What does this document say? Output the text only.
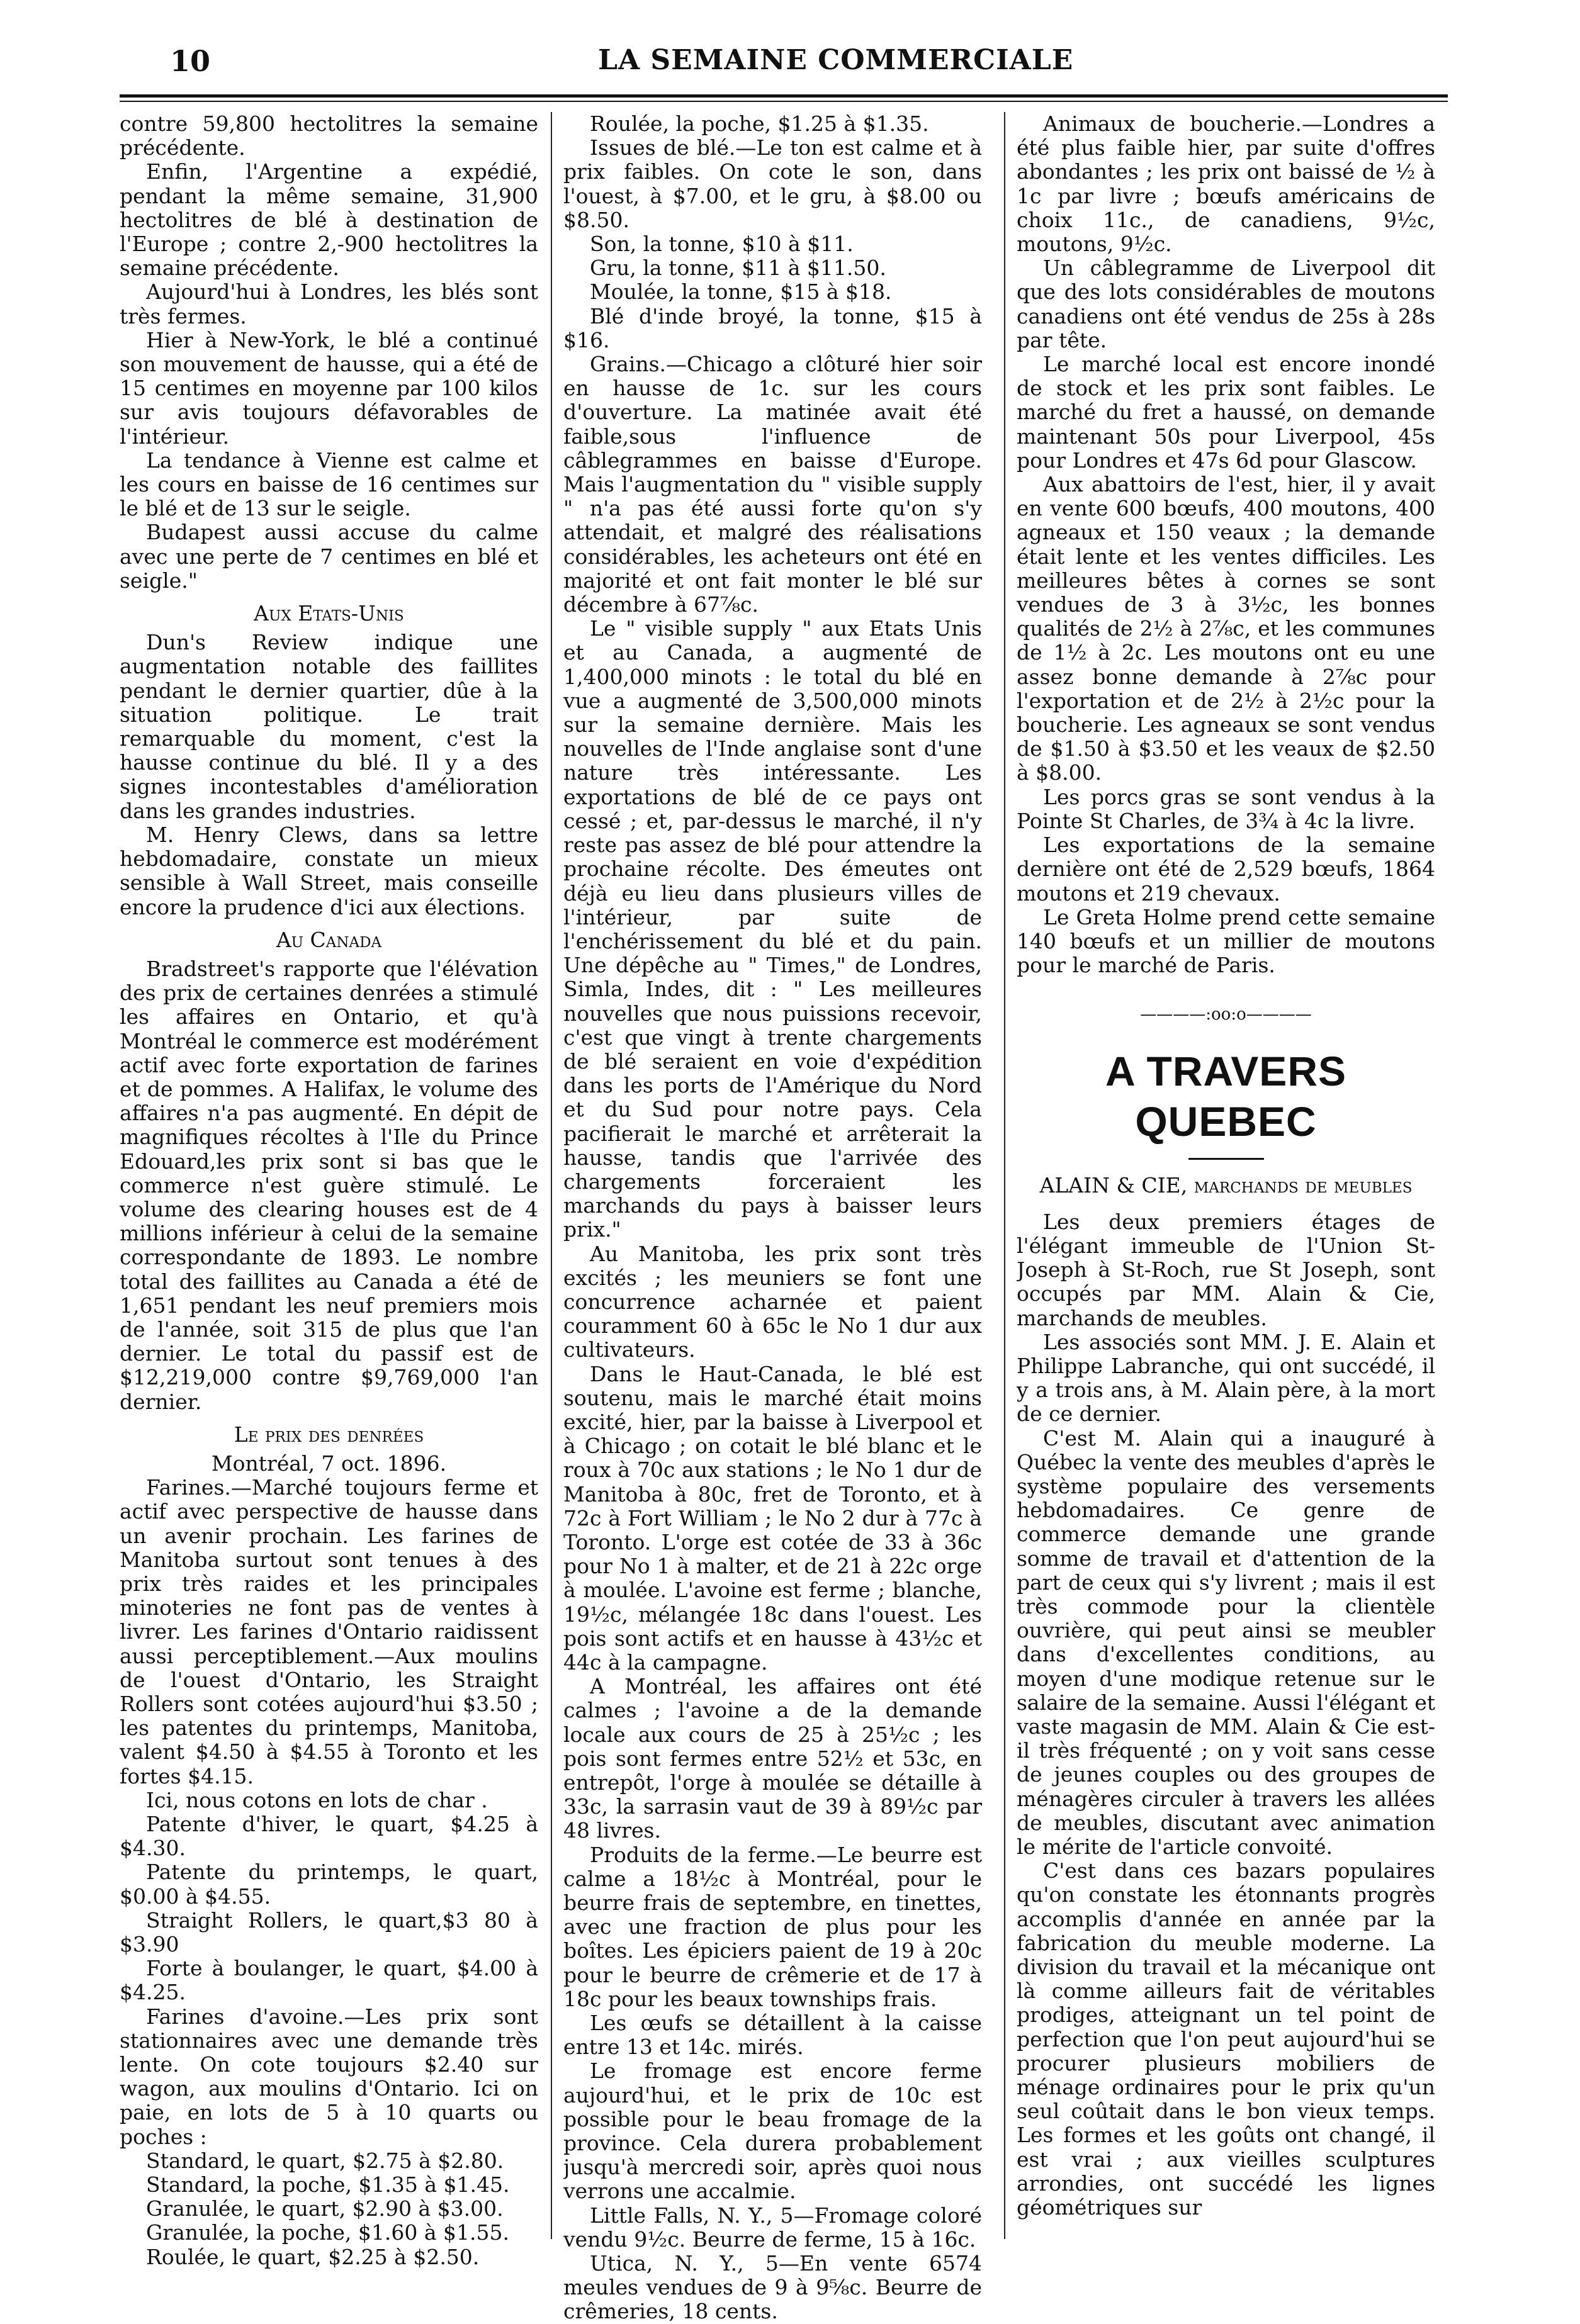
10	LA SEMAINE COMMERCIALE

contre 59,800 hectolitres la semaine précédente.

Enfin, l'Argentine a expédié, pendant la même semaine, 31,900 hectolitres de blé à destination de l'Europe ; contre 2,-900 hectolitres la semaine précédente.

Aujourd'hui à Londres, les blés sont très fermes.

Hier à New-York, le blé a continué son mouvement de hausse, qui a été de 15 centimes en moyenne par 100 kilos sur avis toujours défavorables de l'intérieur.

La tendance à Vienne est calme et les cours en baisse de 16 centimes sur le blé et de 13 sur le seigle.

Budapest aussi accuse du calme avec une perte de 7 centimes en blé et seigle."

Aux Etats-Unis

Dun's Review indique une augmentation notable des faillites pendant le dernier quartier, dûe à la situation politique. Le trait remarquable du moment, c'est la hausse continue du blé. Il y a des signes incontestables d'amélioration dans les grandes industries.

M. Henry Clews, dans sa lettre hebdomadaire, constate un mieux sensible à Wall Street, mais conseille encore la prudence d'ici aux élections.

Au Canada

Bradstreet's rapporte que l'élévation des prix de certaines denrées a stimulé les affaires en Ontario, et qu'à Montréal le commerce est modérément actif avec forte exportation de farines et de pommes. A Halifax, le volume des affaires n'a pas augmenté. En dépit de magnifiques récoltes à l'Ile du Prince Edouard,les prix sont si bas que le commerce n'est guère stimulé. Le volume des clearing houses est de 4 millions inférieur à celui de la semaine correspondante de 1893. Le nombre total des faillites au Canada a été de 1,651 pendant les neuf premiers mois de l'année, soit 315 de plus que l'an dernier. Le total du passif est de $12,219,000 contre $9,769,000 l'an dernier.

Le prix des denrées

Montréal, 7 oct. 1896.

Farines.—Marché toujours ferme et actif avec perspective de hausse dans un avenir prochain. Les farines de Manitoba surtout sont tenues à des prix très raides et les principales minoteries ne font pas de ventes à livrer. Les farines d'Ontario raidissent aussi perceptiblement.—Aux moulins de l'ouest d'Ontario, les Straight Rollers sont cotées aujourd'hui $3.50 ; les patentes du printemps, Manitoba, valent $4.50 à $4.55 à Toronto et les fortes $4.15.

Ici, nous cotons en lots de char .

Patente d'hiver, le quart, $4.25 à $4.30.

Patente du printemps, le quart, $0.00 à $4.55.

Straight Rollers, le quart,$3 80 à $3.90

Forte à boulanger, le quart, $4.00 à $4.25.

Farines d'avoine.—Les prix sont stationnaires avec une demande très lente. On cote toujours $2.40 sur wagon, aux moulins d'Ontario. Ici on paie, en lots de 5 à 10 quarts ou poches :

Standard, le quart, $2.75 à $2.80.

Standard, la poche, $1.35 à $1.45.

Granulée, le quart, $2.90 à $3.00.

Granulée, la poche, $1.60 à $1.55.

Roulée, le quart, $2.25 à $2.50.

Roulée, la poche, $1.25 à $1.35.

Issues de blé.—Le ton est calme et à prix faibles. On cote le son, dans l'ouest, à $7.00, et le gru, à $8.00 ou $8.50.

Son, la tonne, $10 à $11.

Gru, la tonne, $11 à $11.50.

Moulée, la tonne, $15 à $18.

Blé d'inde broyé, la tonne, $15 à $16.

Grains.—Chicago a clôturé hier soir en hausse de 1c. sur les cours d'ouverture. La matinée avait été faible,sous l'influence de câblegrammes en baisse d'Europe. Mais l'augmentation du " visible supply " n'a pas été aussi forte qu'on s'y attendait, et malgré des réalisations considérables, les acheteurs ont été en majorité et ont fait monter le blé sur décembre à 67⅞c.

Le " visible supply " aux Etats Unis et au Canada, a augmenté de 1,400,000 minots : le total du blé en vue a augmenté de 3,500,000 minots sur la semaine dernière. Mais les nouvelles de l'Inde anglaise sont d'une nature très intéressante. Les exportations de blé de ce pays ont cessé ; et, par-dessus le marché, il n'y reste pas assez de blé pour attendre la prochaine récolte. Des émeutes ont déjà eu lieu dans plusieurs villes de l'intérieur, par suite de l'enchérissement du blé et du pain. Une dépêche au " Times," de Londres, Simla, Indes, dit : " Les meilleures nouvelles que nous puissions recevoir, c'est que vingt à trente chargements de blé seraient en voie d'expédition dans les ports de l'Amérique du Nord et du Sud pour notre pays. Cela pacifierait le marché et arrêterait la hausse, tandis que l'arrivée des chargements forceraient les marchands du pays à baisser leurs prix."

Au Manitoba, les prix sont très excités ; les meuniers se font une concurrence acharnée et paient couramment 60 à 65c le No 1 dur aux cultivateurs.

Dans le Haut-Canada, le blé est soutenu, mais le marché était moins excité, hier, par la baisse à Liverpool et à Chicago ; on cotait le blé blanc et le roux à 70c aux stations ; le No 1 dur de Manitoba à 80c, fret de Toronto, et à 72c à Fort William ; le No 2 dur à 77c à Toronto. L'orge est cotée de 33 à 36c pour No 1 à malter, et de 21 à 22c orge à moulée. L'avoine est ferme ; blanche, 19½c, mélangée 18c dans l'ouest. Les pois sont actifs et en hausse à 43½c et 44c à la campagne.

A Montréal, les affaires ont été calmes ; l'avoine a de la demande locale aux cours de 25 à 25½c ; les pois sont fermes entre 52½ et 53c, en entrepôt, l'orge à moulée se détaille à 33c, la sarrasin vaut de 39 à 89½c par 48 livres.

Produits de la ferme.—Le beurre est calme a 18½c à Montréal, pour le beurre frais de septembre, en tinettes, avec une fraction de plus pour les boîtes. Les épiciers paient de 19 à 20c pour le beurre de crêmerie et de 17 à 18c pour les beaux townships frais.

Les œufs se détaillent à la caisse entre 13 et 14c. mirés.

Le fromage est encore ferme aujourd'hui, et le prix de 10c est possible pour le beau fromage de la province. Cela durera probablement jusqu'à mercredi soir, après quoi nous verrons une accalmie.

Little Falls, N. Y., 5—Fromage coloré vendu 9½c. Beurre de ferme, 15 à 16c.

Utica, N. Y., 5—En vente 6574 meules vendues de 9 à 9⅝c. Beurre de crêmeries, 18 cents.

Animaux de boucherie.—Londres a été plus faible hier, par suite d'offres abondantes ; les prix ont baissé de ½ à 1c par livre ; bœufs américains de choix 11c., de canadiens, 9½c, moutons, 9½c.

Un câblegramme de Liverpool dit que des lots considérables de moutons canadiens ont été vendus de 25s à 28s par tête.

Le marché local est encore inondé de stock et les prix sont faibles. Le marché du fret a haussé, on demande maintenant 50s pour Liverpool, 45s pour Londres et 47s 6d pour Glascow.

Aux abattoirs de l'est, hier, il y avait en vente 600 bœufs, 400 moutons, 400 agneaux et 150 veaux ; la demande était lente et les ventes difficiles. Les meilleures bêtes à cornes se sont vendues de 3 à 3½c, les bonnes qualités de 2½ à 2⅞c, et les communes de 1½ à 2c. Les moutons ont eu une assez bonne demande à 2⅞c pour l'exportation et de 2½ à 2½c pour la boucherie. Les agneaux se sont vendus de $1.50 à $3.50 et les veaux de $2.50 à $8.00.

Les porcs gras se sont vendus à la Pointe St Charles, de 3¾ à 4c la livre.

Les exportations de la semaine dernière ont été de 2,529 bœufs, 1864 moutons et 219 chevaux.

Le Greta Holme prend cette semaine 140 bœufs et un millier de moutons pour le marché de Paris.

————:oo:o————

A TRAVERS QUEBEC

ALAIN & CIE, marchands de meubles

Les deux premiers étages de l'élégant immeuble de l'Union St-Joseph à St-Roch, rue St Joseph, sont occupés par MM. Alain & Cie, marchands de meubles.

Les associés sont MM. J. E. Alain et Philippe Labranche, qui ont succédé, il y a trois ans, à M. Alain père, à la mort de ce dernier.

C'est M. Alain qui a inauguré à Québec la vente des meubles d'après le système populaire des versements hebdomadaires. Ce genre de commerce demande une grande somme de travail et d'attention de la part de ceux qui s'y livrent ; mais il est très commode pour la clientèle ouvrière, qui peut ainsi se meubler dans d'excellentes conditions, au moyen d'une modique retenue sur le salaire de la semaine. Aussi l'élégant et vaste magasin de MM. Alain & Cie est-il très fréquenté ; on y voit sans cesse de jeunes couples ou des groupes de ménagères circuler à travers les allées de meubles, discutant avec animation le mérite de l'article convoité.

C'est dans ces bazars populaires qu'on constate les étonnants progrès accomplis d'année en année par la fabrication du meuble moderne. La division du travail et la mécanique ont là comme ailleurs fait de véritables prodiges, atteignant un tel point de perfection que l'on peut aujourd'hui se procurer plusieurs mobiliers de ménage ordinaires pour le prix qu'un seul coûtait dans le bon vieux temps. Les formes et les goûts ont changé, il est vrai ; aux vieilles sculptures arrondies, ont succédé les lignes géométriques sur
